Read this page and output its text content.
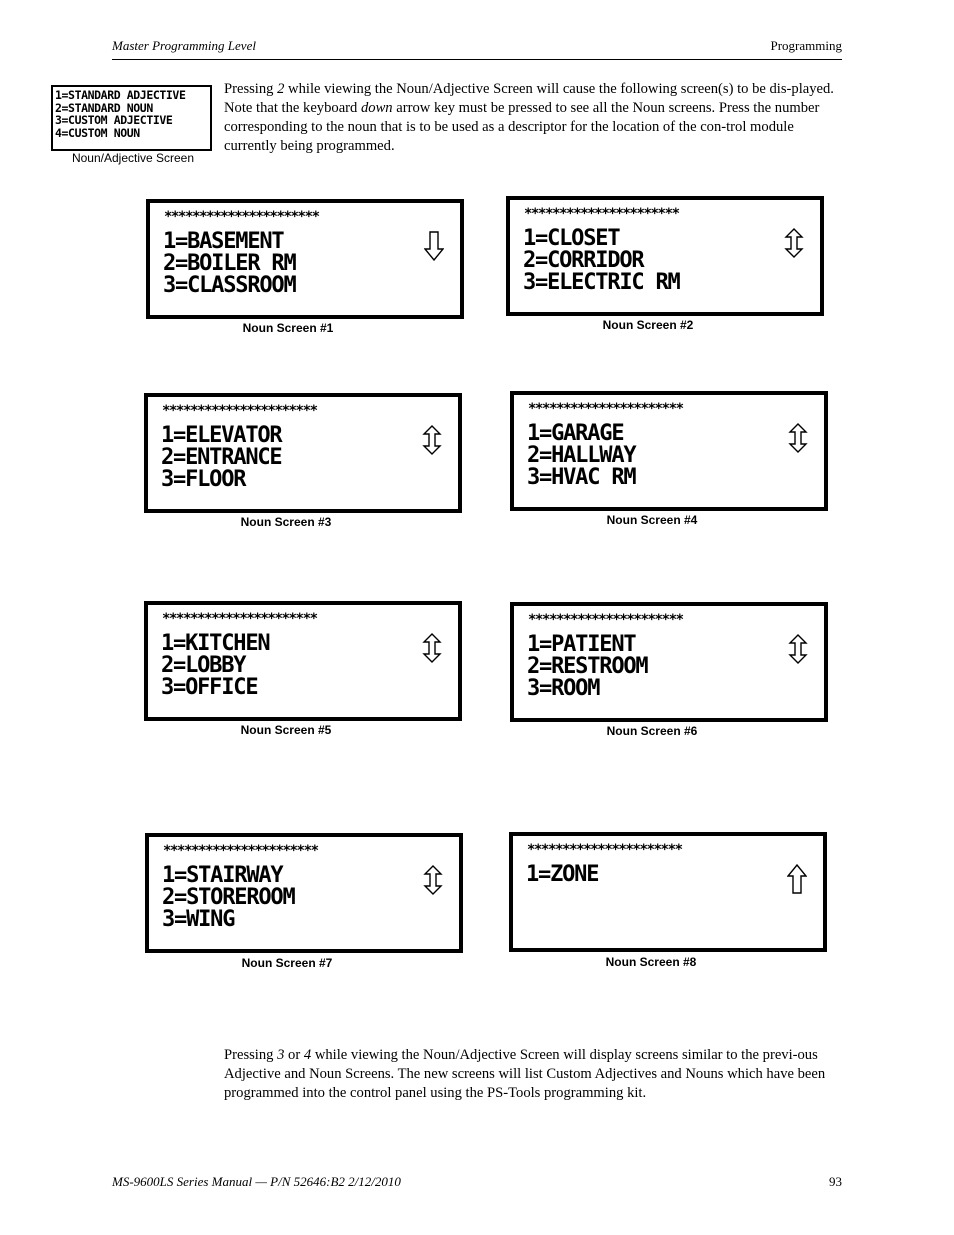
Master Programming Level	Programming
1=STANDARD ADJECTIVE
2=STANDARD NOUN
3=CUSTOM ADJECTIVE
4=CUSTOM NOUN
Noun/Adjective Screen

Pressing 2 while viewing the Noun/Adjective Screen will cause the following screen(s) to be dis-played. Note that the keyboard down arrow key must be pressed to see all the Noun screens. Press the number corresponding to the noun that is to be used as a descriptor for the location of the con-trol module currently being programmed.

**********************
1=BASEMENT
2=BOILER RM
3=CLASSROOM
Noun Screen #1
**********************
1=CLOSET
2=CORRIDOR
3=ELECTRIC RM
Noun Screen #2
**********************
1=ELEVATOR
2=ENTRANCE
3=FLOOR
Noun Screen #3
**********************
1=GARAGE
2=HALLWAY
3=HVAC RM
Noun Screen #4
**********************
1=KITCHEN
2=LOBBY
3=OFFICE
Noun Screen #5
**********************
1=PATIENT
2=RESTROOM
3=ROOM
Noun Screen #6
**********************
1=STAIRWAY
2=STOREROOM
3=WING
Noun Screen #7
**********************
1=ZONE
Noun Screen #8

Pressing 3 or 4 while viewing the Noun/Adjective Screen will display screens similar to the previ-ous Adjective and Noun Screens. The new screens will list Custom Adjectives and Nouns which have been programmed into the control panel using the PS-Tools programming kit.

MS-9600LS Series Manual — P/N 52646:B2 2/12/2010	93
